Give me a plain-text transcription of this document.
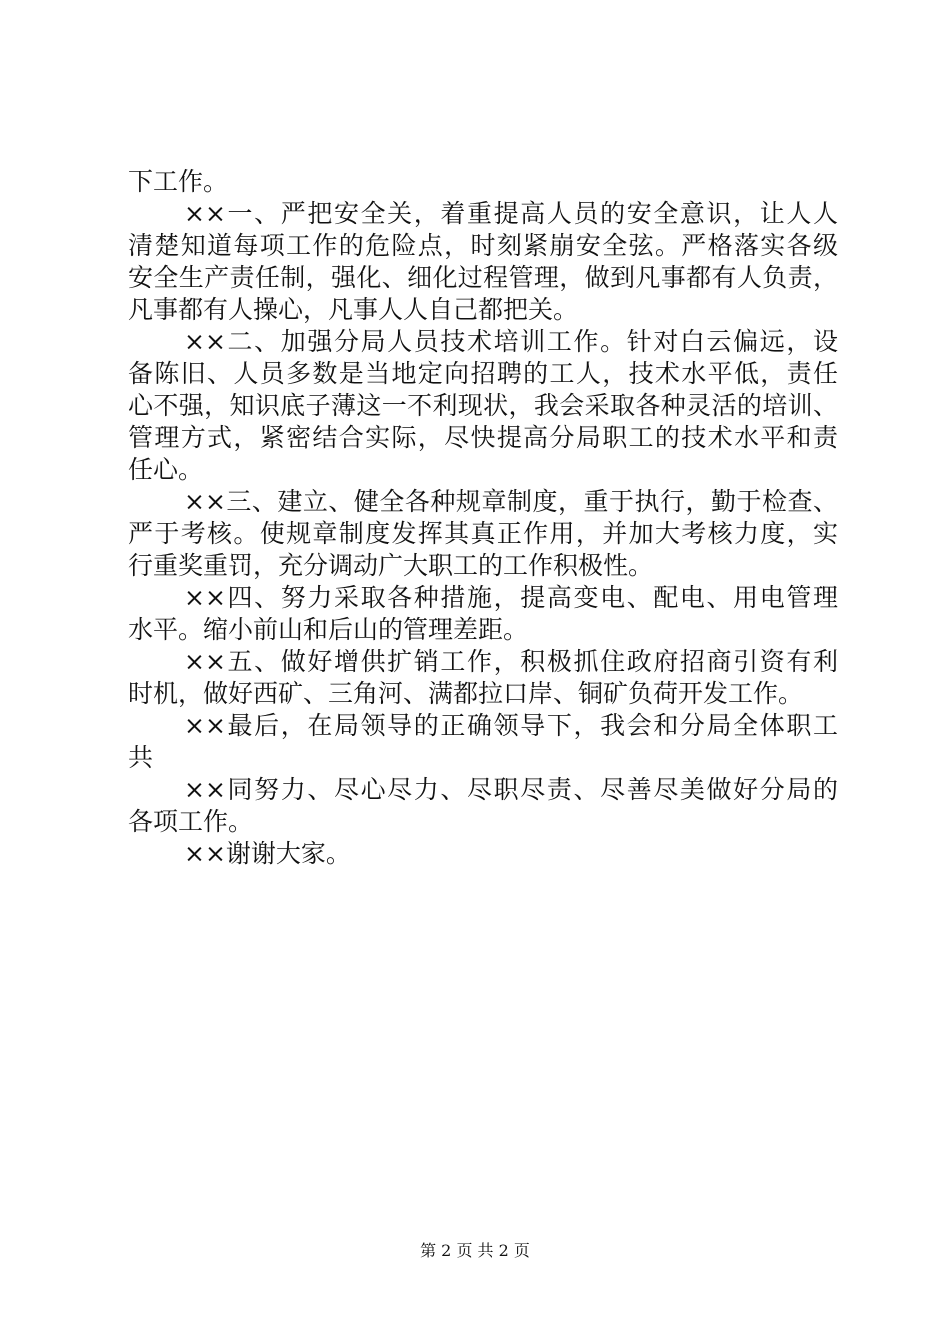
下工作。
××一、严把安全关，着重提高人员的安全意识，让人人
清楚知道每项工作的危险点，时刻紧崩安全弦。严格落实各级
安全生产责任制，强化、细化过程管理，做到凡事都有人负责，
凡事都有人操心，凡事人人自己都把关。
××二、加强分局人员技术培训工作。针对白云偏远，设
备陈旧、人员多数是当地定向招聘的工人，技术水平低，责任
心不强，知识底子薄这一不利现状，我会采取各种灵活的培训、
管理方式，紧密结合实际，尽快提高分局职工的技术水平和责
任心。
××三、建立、健全各种规章制度，重于执行，勤于检查、
严于考核。使规章制度发挥其真正作用，并加大考核力度，实
行重奖重罚，充分调动广大职工的工作积极性。
××四、努力采取各种措施，提高变电、配电、用电管理
水平。缩小前山和后山的管理差距。
××五、做好增供扩销工作，积极抓住政府招商引资有利
时机，做好西矿、三角河、满都拉口岸、铜矿负荷开发工作。
××最后，在局领导的正确领导下，我会和分局全体职工
共
××同努力、尽心尽力、尽职尽责、尽善尽美做好分局的
各项工作。
××谢谢大家。
第 2 页 共 2 页
